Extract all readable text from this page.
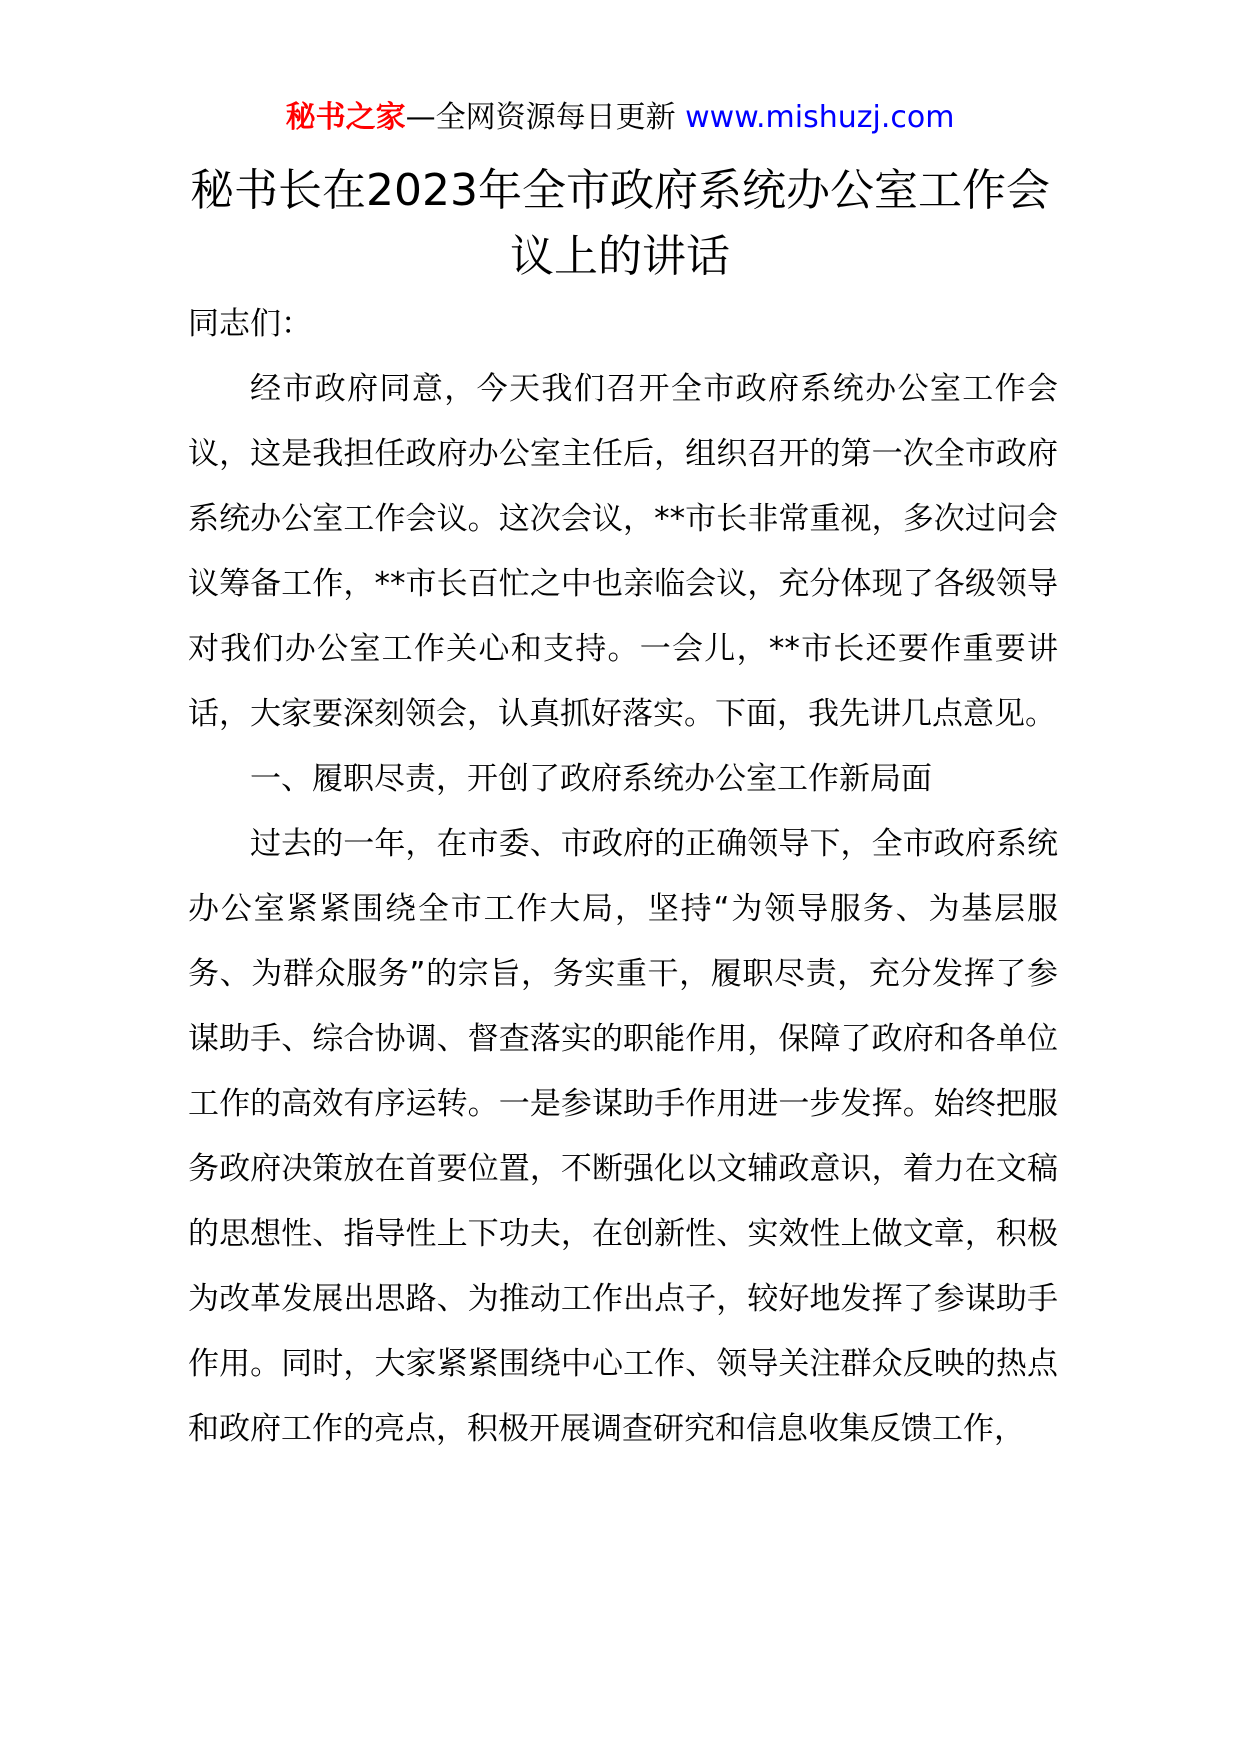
秘书之家—全网资源每日更新 www.mishuzj.com
秘书长在2023年全市政府系统办公室工作会议上的讲话

同志们：

经市政府同意，今天我们召开全市政府系统办公室工作会议，这是我担任政府办公室主任后，组织召开的第一次全市政府系统办公室工作会议。这次会议，**市长非常重视，多次过问会议筹备工作，**市长百忙之中也亲临会议，充分体现了各级领导对我们办公室工作关心和支持。一会儿，**市长还要作重要讲话，大家要深刻领会，认真抓好落实。下面，我先讲几点意见。

一、履职尽责，开创了政府系统办公室工作新局面

过去的一年，在市委、市政府的正确领导下，全市政府系统办公室紧紧围绕全市工作大局，坚持“为领导服务、为基层服务、为群众服务”的宗旨，务实重干，履职尽责，充分发挥了参谋助手、综合协调、督查落实的职能作用，保障了政府和各单位工作的高效有序运转。一是参谋助手作用进一步发挥。始终把服务政府决策放在首要位置，不断强化以文辅政意识，着力在文稿的思想性、指导性上下功夫，在创新性、实效性上做文章，积极为改革发展出思路、为推动工作出点子，较好地发挥了参谋助手作用。同时，大家紧紧围绕中心工作、领导关注群众反映的热点和政府工作的亮点，积极开展调查研究和信息收集反馈工作，
